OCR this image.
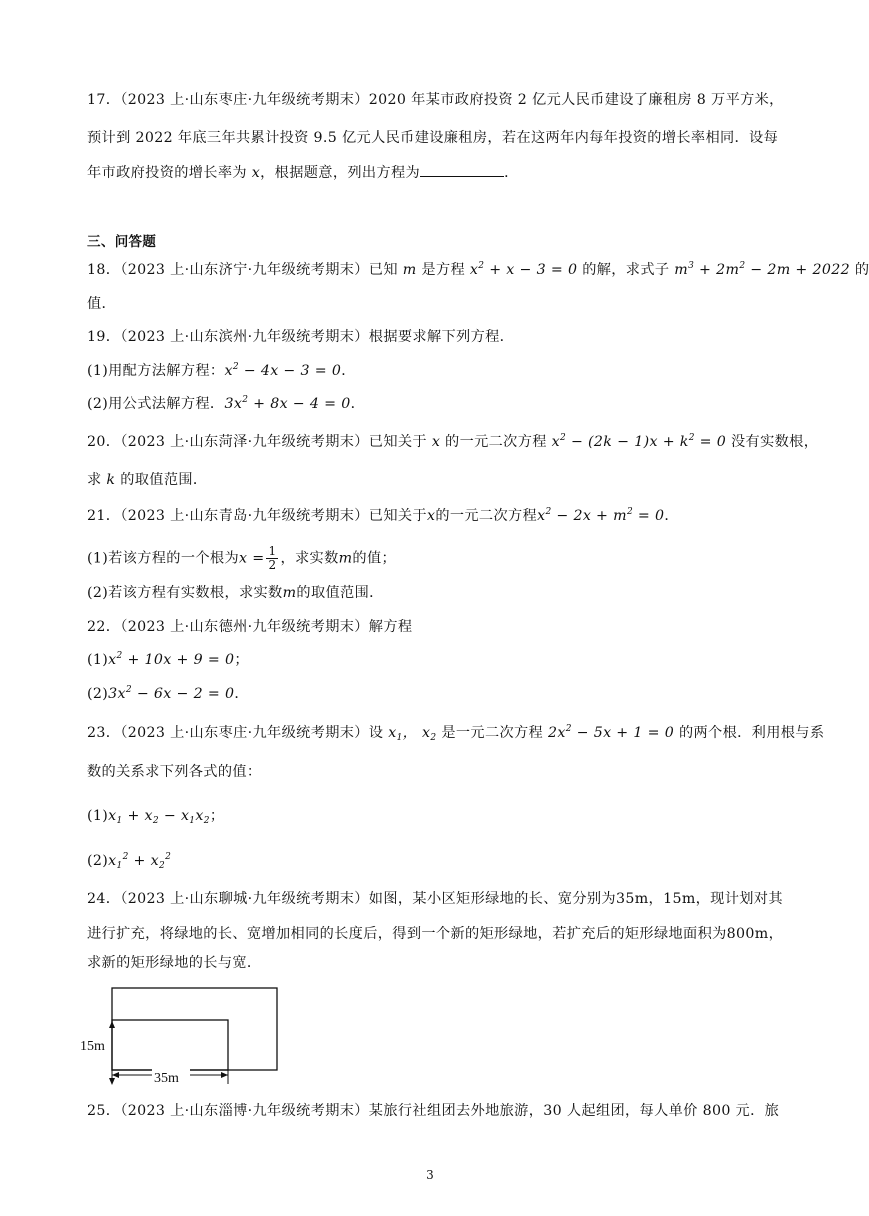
17．（2023 上·山东枣庄·九年级统考期末）2020 年某市政府投资 2 亿元人民币建设了廉租房 8 万平方米，
预计到 2022 年底三年共累计投资 9.5 亿元人民币建设廉租房，若在这两年内每年投资的增长率相同．设每
年市政府投资的增长率为 x，根据题意，列出方程为	．
三、问答题
18．（2023 上·山东济宁·九年级统考期末）已知 m 是方程 $x^2 + x - 3 = 0$ 的解，求式子 $m^3 + 2m^2 - 2m + 2022$ 的
值．
19．（2023 上·山东滨州·九年级统考期末）根据要求解下列方程．
(1)用配方法解方程：$x^2 - 4x - 3 = 0$．
(2)用公式法解方程．$3x^2 + 8x - 4 = 0$．
20．（2023 上·山东菏泽·九年级统考期末）已知关于 x 的一元二次方程 $x^2 - (2k - 1)x + k^2 = 0$ 没有实数根，
求 k 的取值范围．
21．（2023 上·山东青岛·九年级统考期末）已知关于x的一元二次方程$x^2 - 2x + m^2 = 0$．
(1)若该方程的一个根为$x = \frac{1}{2}$ ，求实数m的值；
(2)若该方程有实数根，求实数m的取值范围．
22．（2023 上·山东德州·九年级统考期末）解方程
$(1)x^2 + 10x + 9 = 0$；
$(2)3x^2 - 6x - 2 = 0$．
23．（2023 上·山东枣庄·九年级统考期末）设 $x_1$， $x_2$ 是一元二次方程 $2x^2 - 5x + 1 = 0$ 的两个根．利用根与系
数的关系求下列各式的值：
$(1)x_1 + x_2 - x_1x_2$；
$(2)x_1^2 + x_2^2$
24．（2023 上·山东聊城·九年级统考期末）如图，某小区矩形绿地的长、宽分别为35m，15m，现计划对其
进行扩充，将绿地的长、宽增加相同的长度后，得到一个新的矩形绿地，若扩充后的矩形绿地面积为800m，
求新的矩形绿地的长与宽．
15m
35m
25．（2023 上·山东淄博·九年级统考期末）某旅行社组团去外地旅游，30 人起组团，每人单价 800 元．旅
3
